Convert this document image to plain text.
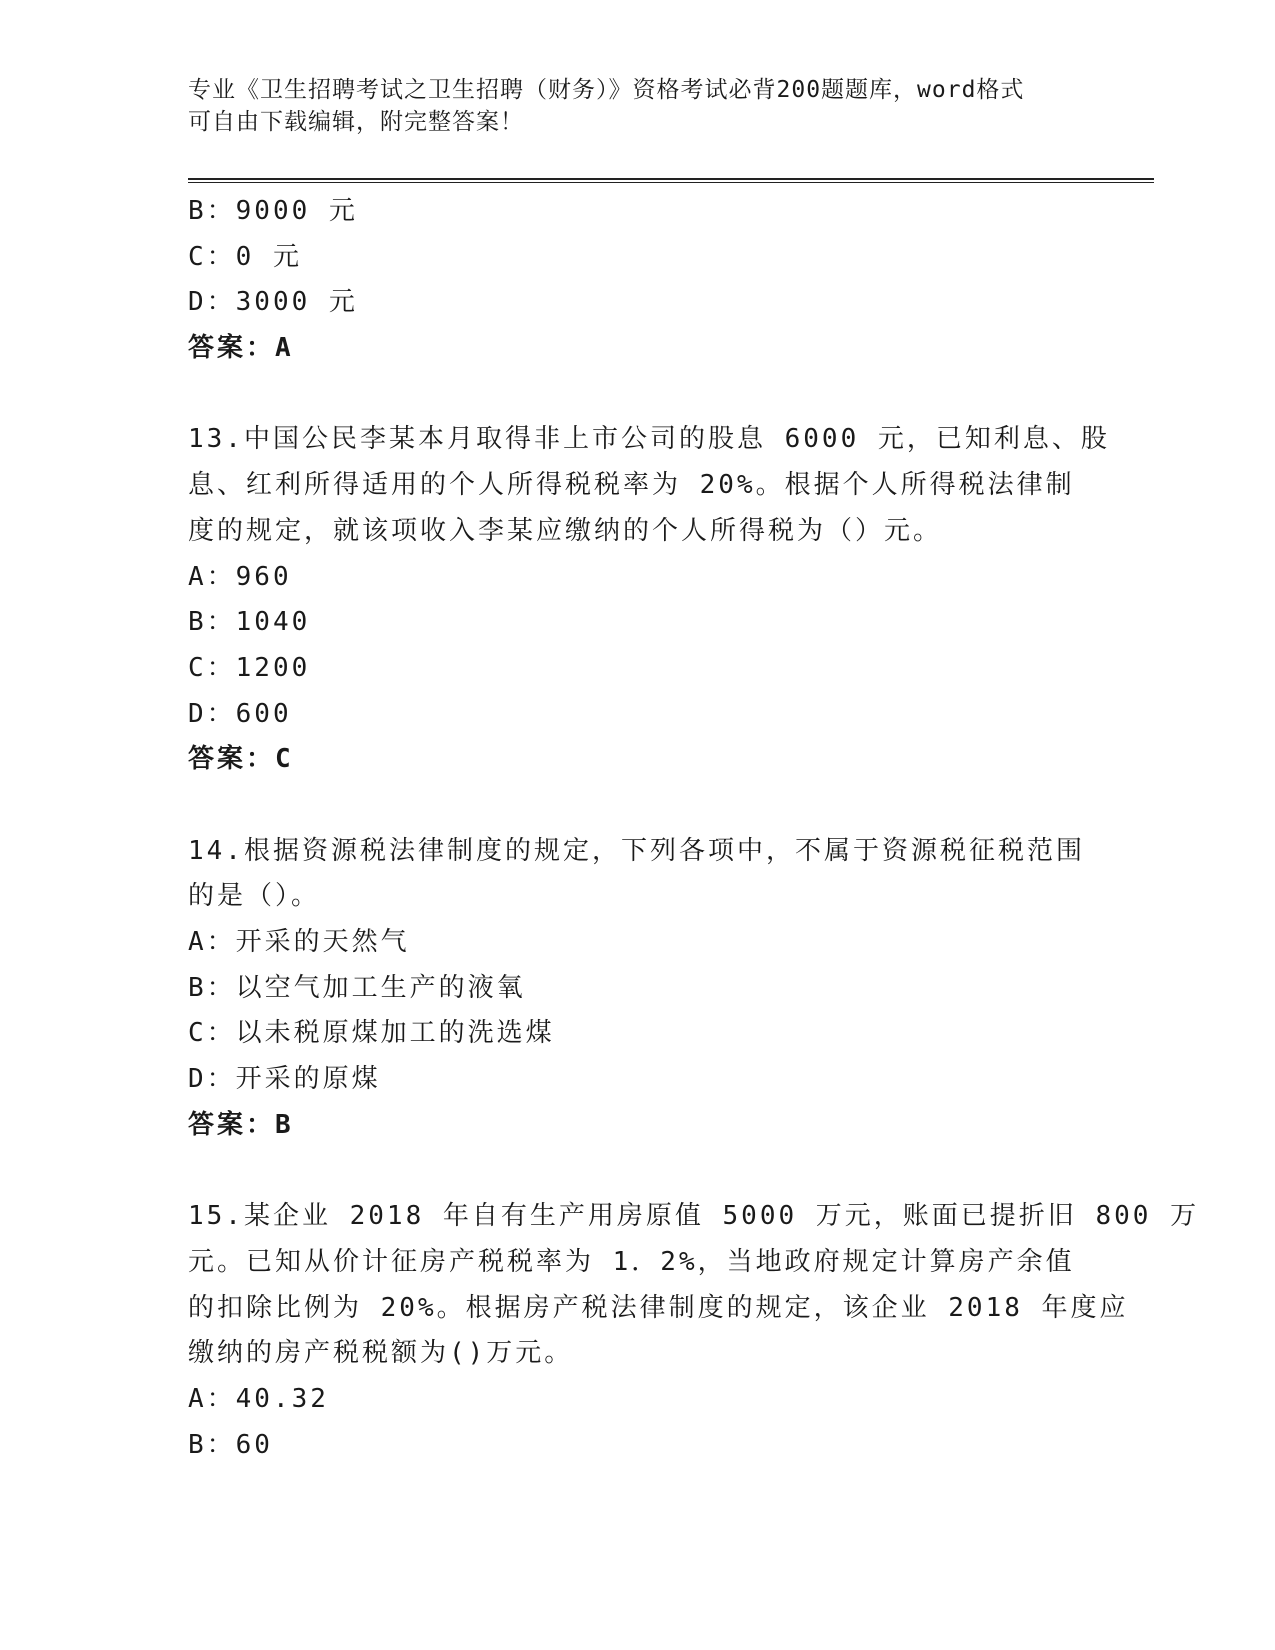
专业《卫生招聘考试之卫生招聘（财务）》资格考试必背200题题库，word格式
可自由下载编辑，附完整答案！
B：9000 元
C：0 元
D：3000 元
答案：A
13.中国公民李某本月取得非上市公司的股息 6000 元，已知利息、股
息、红利所得适用的个人所得税税率为 20%。根据个人所得税法律制
度的规定，就该项收入李某应缴纳的个人所得税为（）元。
A：960
B：1040
C：1200
D：600
答案：C
14.根据资源税法律制度的规定，下列各项中，不属于资源税征税范围
的是（）。
A：开采的天然气
B：以空气加工生产的液氧
C：以未税原煤加工的洗选煤
D：开采的原煤
答案：B
15.某企业 2018 年自有生产用房原值 5000 万元，账面已提折旧 800 万
元。已知从价计征房产税税率为 1．2%，当地政府规定计算房产余值
的扣除比例为 20%。根据房产税法律制度的规定，该企业 2018 年度应
缴纳的房产税税额为()万元。
A：40.32
B：60
